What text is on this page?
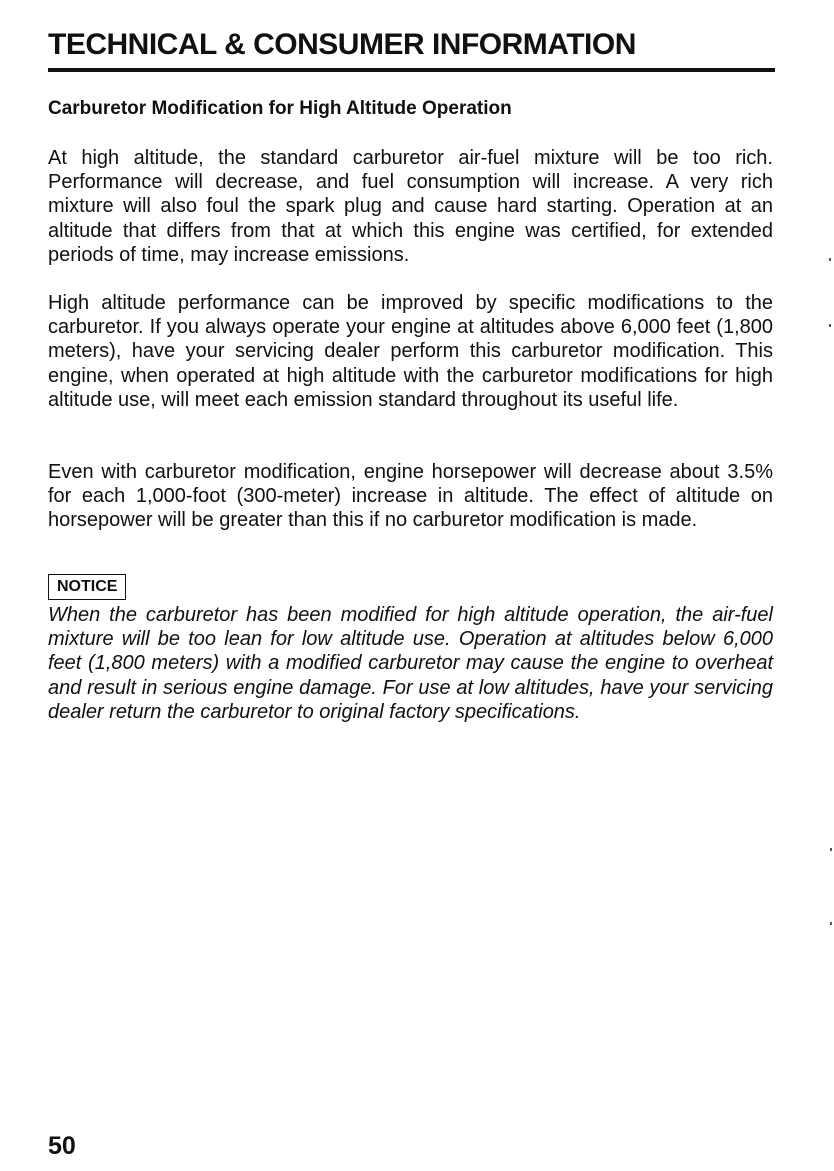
TECHNICAL & CONSUMER INFORMATION
Carburetor Modification for High Altitude Operation

At high altitude, the standard carburetor air-fuel mixture will be too rich. Performance will decrease, and fuel consumption will increase. A very rich mixture will also foul the spark plug and cause hard starting. Operation at an altitude that differs from that at which this engine was certified, for extended periods of time, may increase emissions.

High altitude performance can be improved by specific modifications to the carburetor. If you always operate your engine at altitudes above 6,000 feet (1,800 meters), have your servicing dealer perform this carburetor modification. This engine, when operated at high altitude with the carburetor modifications for high altitude use, will meet each emission standard throughout its useful life.

Even with carburetor modification, engine horsepower will decrease about 3.5% for each 1,000-foot (300-meter) increase in altitude. The effect of altitude on horsepower will be greater than this if no carburetor modification is made.

NOTICE

When the carburetor has been modified for high altitude operation, the air-fuel mixture will be too lean for low altitude use. Operation at altitudes below 6,000 feet (1,800 meters) with a modified carburetor may cause the engine to overheat and result in serious engine damage. For use at low altitudes, have your servicing dealer return the carburetor to original factory specifications.

50
